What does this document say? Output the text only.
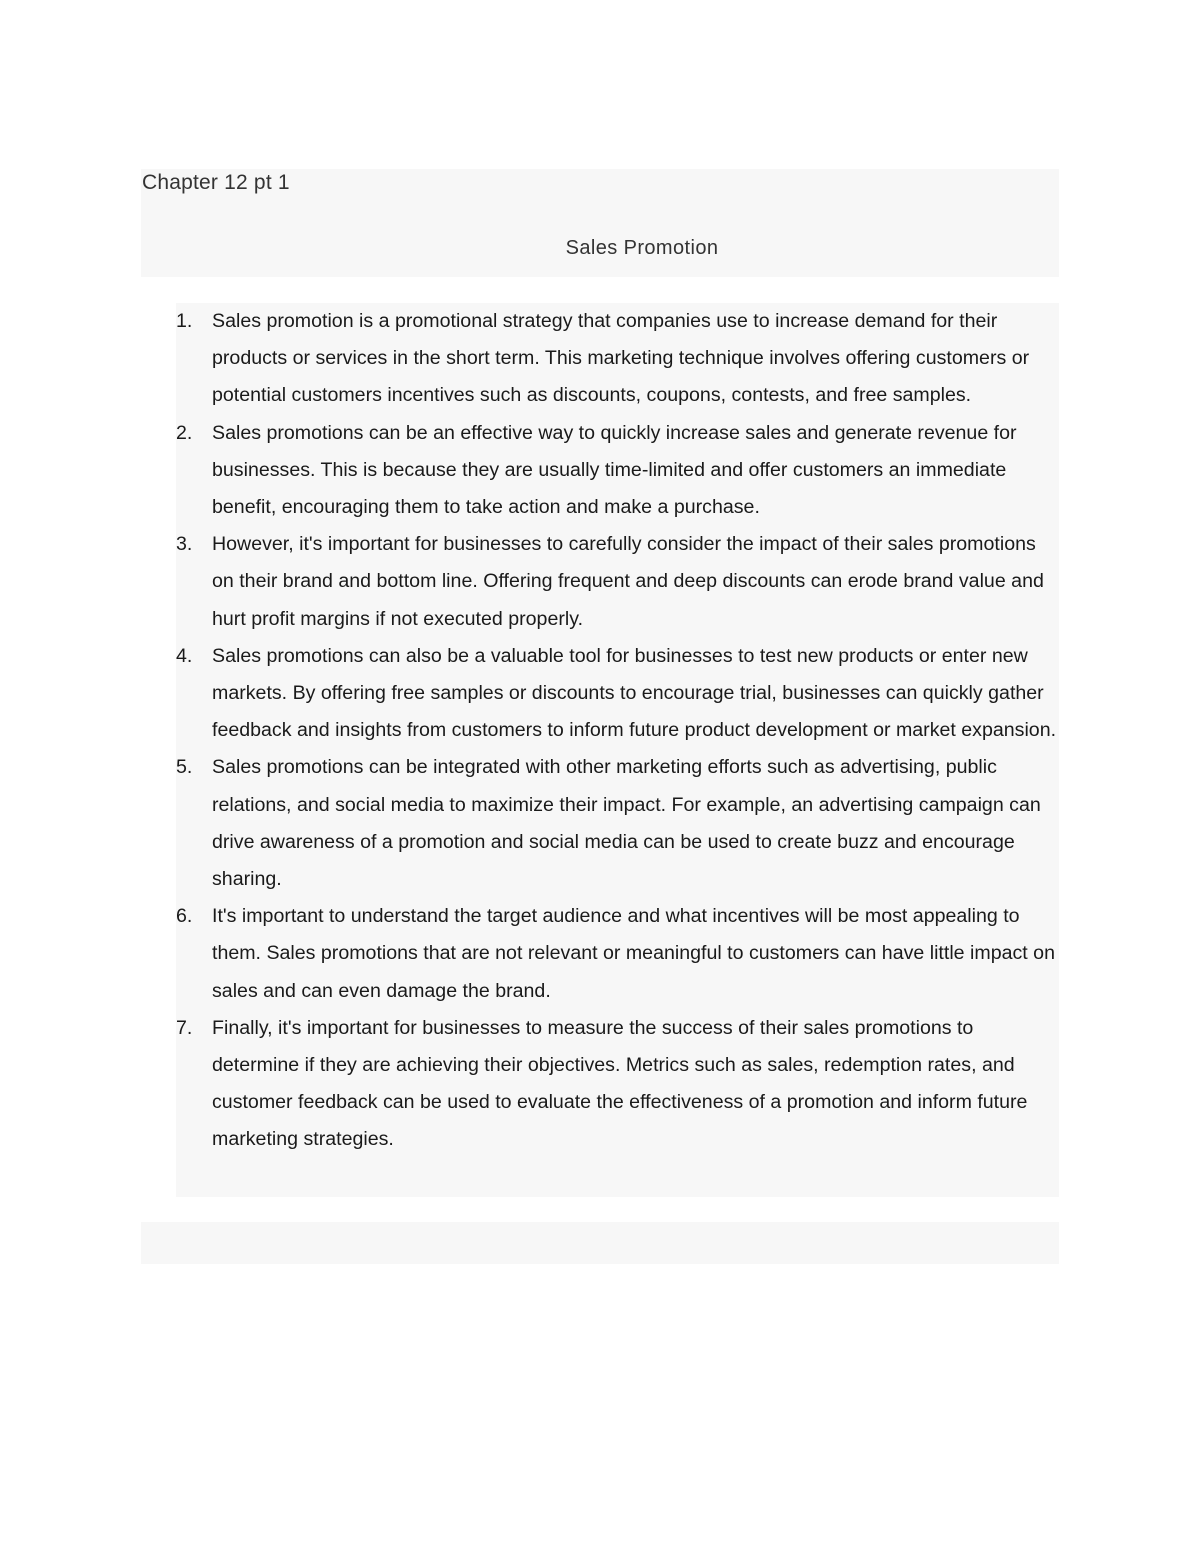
Chapter 12 pt 1
Sales Promotion
1.	Sales promotion is a promotional strategy that companies use to increase demand for their products or services in the short term. This marketing technique involves offering customers or potential customers incentives such as discounts, coupons, contests, and free samples.
2.	Sales promotions can be an effective way to quickly increase sales and generate revenue for businesses. This is because they are usually time-limited and offer customers an immediate benefit, encouraging them to take action and make a purchase.
3.	However, it's important for businesses to carefully consider the impact of their sales promotions on their brand and bottom line. Offering frequent and deep discounts can erode brand value and hurt profit margins if not executed properly.
4.	Sales promotions can also be a valuable tool for businesses to test new products or enter new markets. By offering free samples or discounts to encourage trial, businesses can quickly gather feedback and insights from customers to inform future product development or market expansion.
5.	Sales promotions can be integrated with other marketing efforts such as advertising, public relations, and social media to maximize their impact. For example, an advertising campaign can drive awareness of a promotion and social media can be used to create buzz and encourage sharing.
6.	It's important to understand the target audience and what incentives will be most appealing to them. Sales promotions that are not relevant or meaningful to customers can have little impact on sales and can even damage the brand.
7.	Finally, it's important for businesses to measure the success of their sales promotions to determine if they are achieving their objectives. Metrics such as sales, redemption rates, and customer feedback can be used to evaluate the effectiveness of a promotion and inform future marketing strategies.
